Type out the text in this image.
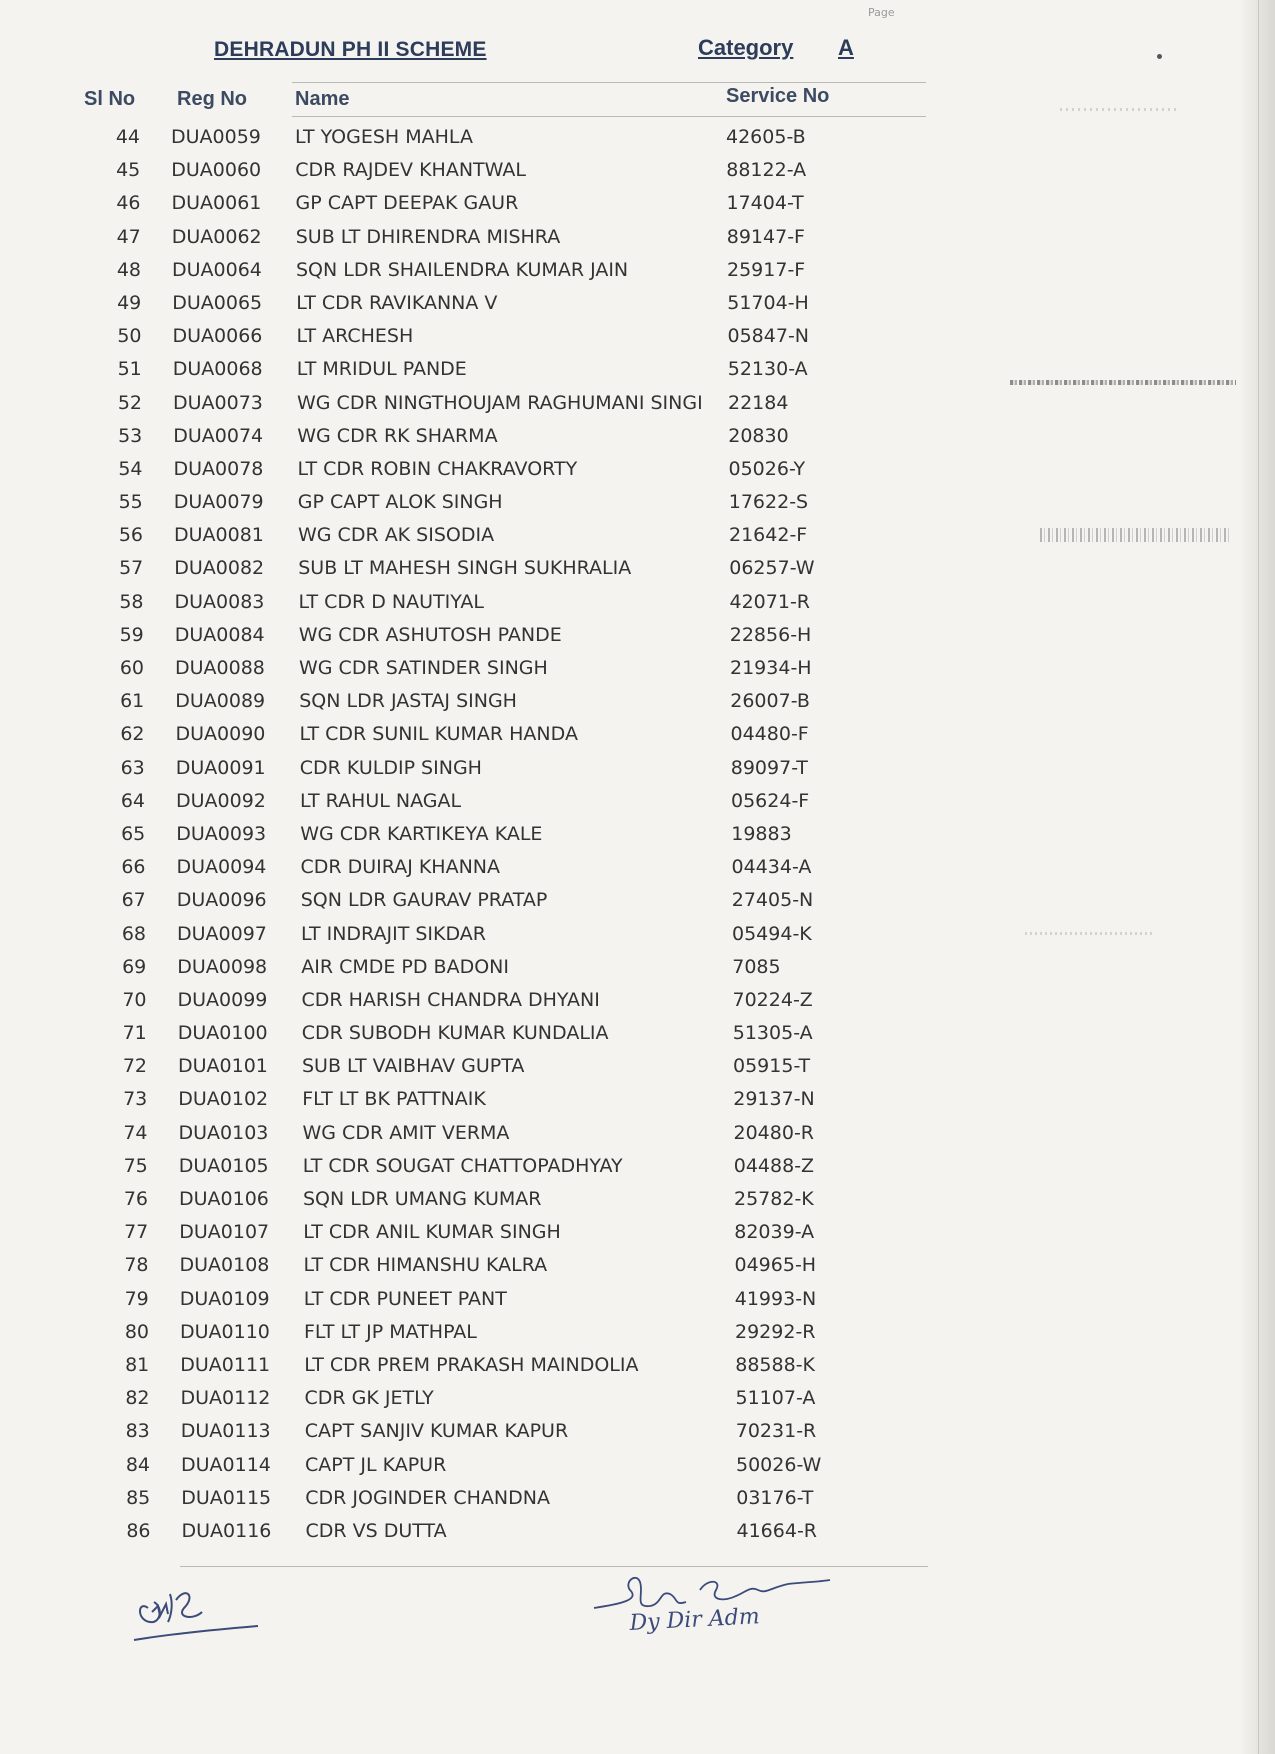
Page
DEHRADUN PH II SCHEME	Category A
Sl No Reg No Name	Service No
44 DUA0059 LT YOGESH MAHLA	42605-B
45 DUA0060 CDR RAJDEV KHANTWAL	88122-A
46 DUA0061 GP CAPT DEEPAK GAUR	17404-T
47 DUA0062 SUB LT DHIRENDRA MISHRA	89147-F
48 DUA0064 SQN LDR SHAILENDRA KUMAR JAIN	25917-F
49 DUA0065 LT CDR RAVIKANNA V	51704-H
50 DUA0066 LT ARCHESH	05847-N
51 DUA0068 LT MRIDUL PANDE	52130-A
52 DUA0073 WG CDR NINGTHOUJAM RAGHUMANI SINGI	22184
53 DUA0074 WG CDR RK SHARMA	20830
54 DUA0078 LT CDR ROBIN CHAKRAVORTY	05026-Y
55 DUA0079 GP CAPT ALOK SINGH	17622-S
56 DUA0081 WG CDR AK SISODIA	21642-F
57 DUA0082 SUB LT MAHESH SINGH SUKHRALIA	06257-W
58 DUA0083 LT CDR D NAUTIYAL	42071-R
59 DUA0084 WG CDR ASHUTOSH PANDE	22856-H
60 DUA0088 WG CDR SATINDER SINGH	21934-H
61 DUA0089 SQN LDR JASTAJ SINGH	26007-B
62 DUA0090 LT CDR SUNIL KUMAR HANDA	04480-F
63 DUA0091 CDR KULDIP SINGH	89097-T
64 DUA0092 LT RAHUL NAGAL	05624-F
65 DUA0093 WG CDR KARTIKEYA KALE	19883
66 DUA0094 CDR DUIRAJ KHANNA	04434-A
67 DUA0096 SQN LDR GAURAV PRATAP	27405-N
68 DUA0097 LT INDRAJIT SIKDAR	05494-K
69 DUA0098 AIR CMDE PD BADONI	7085
70 DUA0099 CDR HARISH CHANDRA DHYANI	70224-Z
71 DUA0100 CDR SUBODH KUMAR KUNDALIA	51305-A
72 DUA0101 SUB LT VAIBHAV GUPTA	05915-T
73 DUA0102 FLT LT BK PATTNAIK	29137-N
74 DUA0103 WG CDR AMIT VERMA	20480-R
75 DUA0105 LT CDR SOUGAT CHATTOPADHYAY	04488-Z
76 DUA0106 SQN LDR UMANG KUMAR	25782-K
77 DUA0107 LT CDR ANIL KUMAR SINGH	82039-A
78 DUA0108 LT CDR HIMANSHU KALRA	04965-H
79 DUA0109 LT CDR PUNEET PANT	41993-N
80 DUA0110 FLT LT JP MATHPAL	29292-R
81 DUA0111 LT CDR PREM PRAKASH MAINDOLIA	88588-K
82 DUA0112 CDR GK JETLY	51107-A
83 DUA0113 CAPT SANJIV KUMAR KAPUR	70231-R
84 DUA0114 CAPT JL KAPUR	50026-W
85 DUA0115 CDR JOGINDER CHANDNA	03176-T
86 DUA0116 CDR VS DUTTA	41664-R
Dy Dir Adm
